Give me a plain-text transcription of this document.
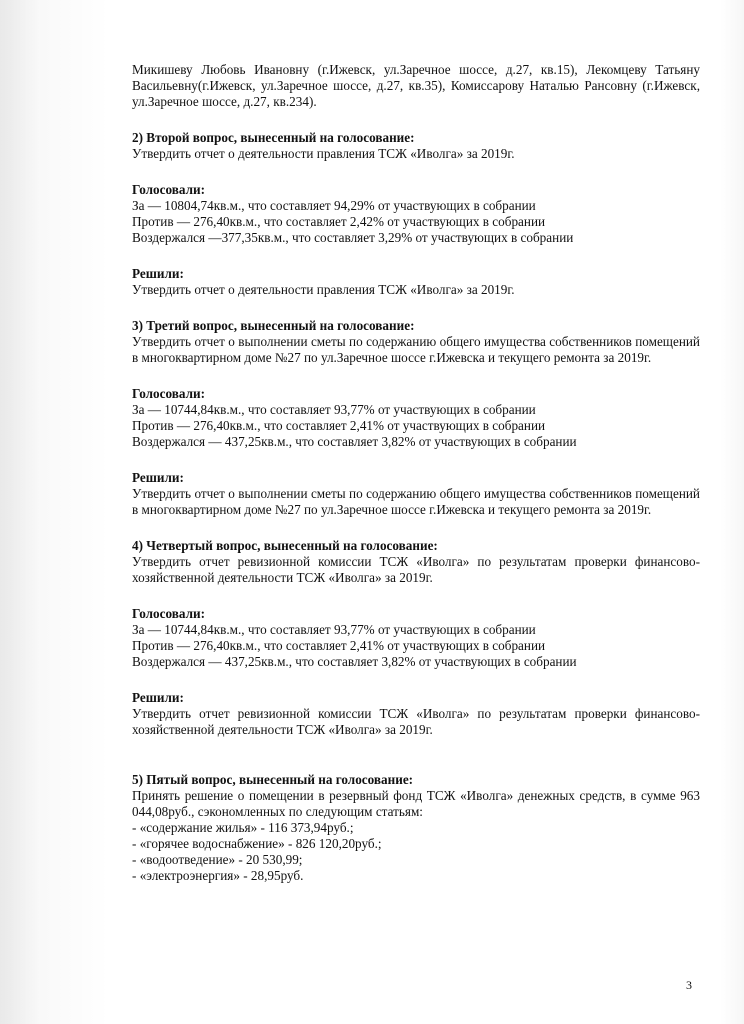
Микишеву Любовь Ивановну (г.Ижевск, ул.Заречное шоссе, д.27, кв.15), Лекомцеву Татьяну Васильевну(г.Ижевск, ул.Заречное шоссе, д.27, кв.35), Комиссарову Наталью Рансовну (г.Ижевск, ул.Заречное шоссе, д.27, кв.234).

2) Второй вопрос, вынесенный на голосование:

Утвердить отчет о деятельности правления ТСЖ «Иволга» за 2019г.

Голосовали:

За — 10804,74кв.м., что составляет 94,29% от участвующих в собрании

Против — 276,40кв.м., что составляет 2,42% от участвующих в собрании

Воздержался —377,35кв.м., что составляет 3,29% от участвующих в собрании

Решили:

Утвердить отчет о деятельности правления ТСЖ «Иволга» за 2019г.

3) Третий вопрос, вынесенный на голосование:

Утвердить отчет о выполнении сметы по содержанию общего имущества собственников помещений в многоквартирном доме №27 по ул.Заречное шоссе г.Ижевска и текущего ремонта за 2019г.

Голосовали:

За — 10744,84кв.м., что составляет 93,77% от участвующих в собрании

Против — 276,40кв.м., что составляет 2,41% от участвующих в собрании

Воздержался — 437,25кв.м., что составляет 3,82% от участвующих в собрании

Решили:

Утвердить отчет о выполнении сметы по содержанию общего имущества собственников помещений в многоквартирном доме №27 по ул.Заречное шоссе г.Ижевска и текущего ремонта за 2019г.

4) Четвертый вопрос, вынесенный на голосование:

Утвердить отчет ревизионной комиссии ТСЖ «Иволга» по результатам проверки финансово-хозяйственной деятельности ТСЖ «Иволга» за 2019г.

Голосовали:

За — 10744,84кв.м., что составляет 93,77% от участвующих в собрании

Против — 276,40кв.м., что составляет 2,41% от участвующих в собрании

Воздержался — 437,25кв.м., что составляет 3,82% от участвующих в собрании

Решили:

Утвердить отчет ревизионной комиссии ТСЖ «Иволга» по результатам проверки финансово-хозяйственной деятельности ТСЖ «Иволга» за 2019г.

5) Пятый вопрос, вынесенный на голосование:

Принять решение о помещении в резервный фонд ТСЖ «Иволга» денежных средств, в сумме 963 044,08руб., сэкономленных по следующим статьям:

- «содержание жилья» - 116 373,94руб.;

- «горячее водоснабжение» - 826 120,20руб.;

- «водоотведение» - 20 530,99;

- «электроэнергия» - 28,95руб.

3
